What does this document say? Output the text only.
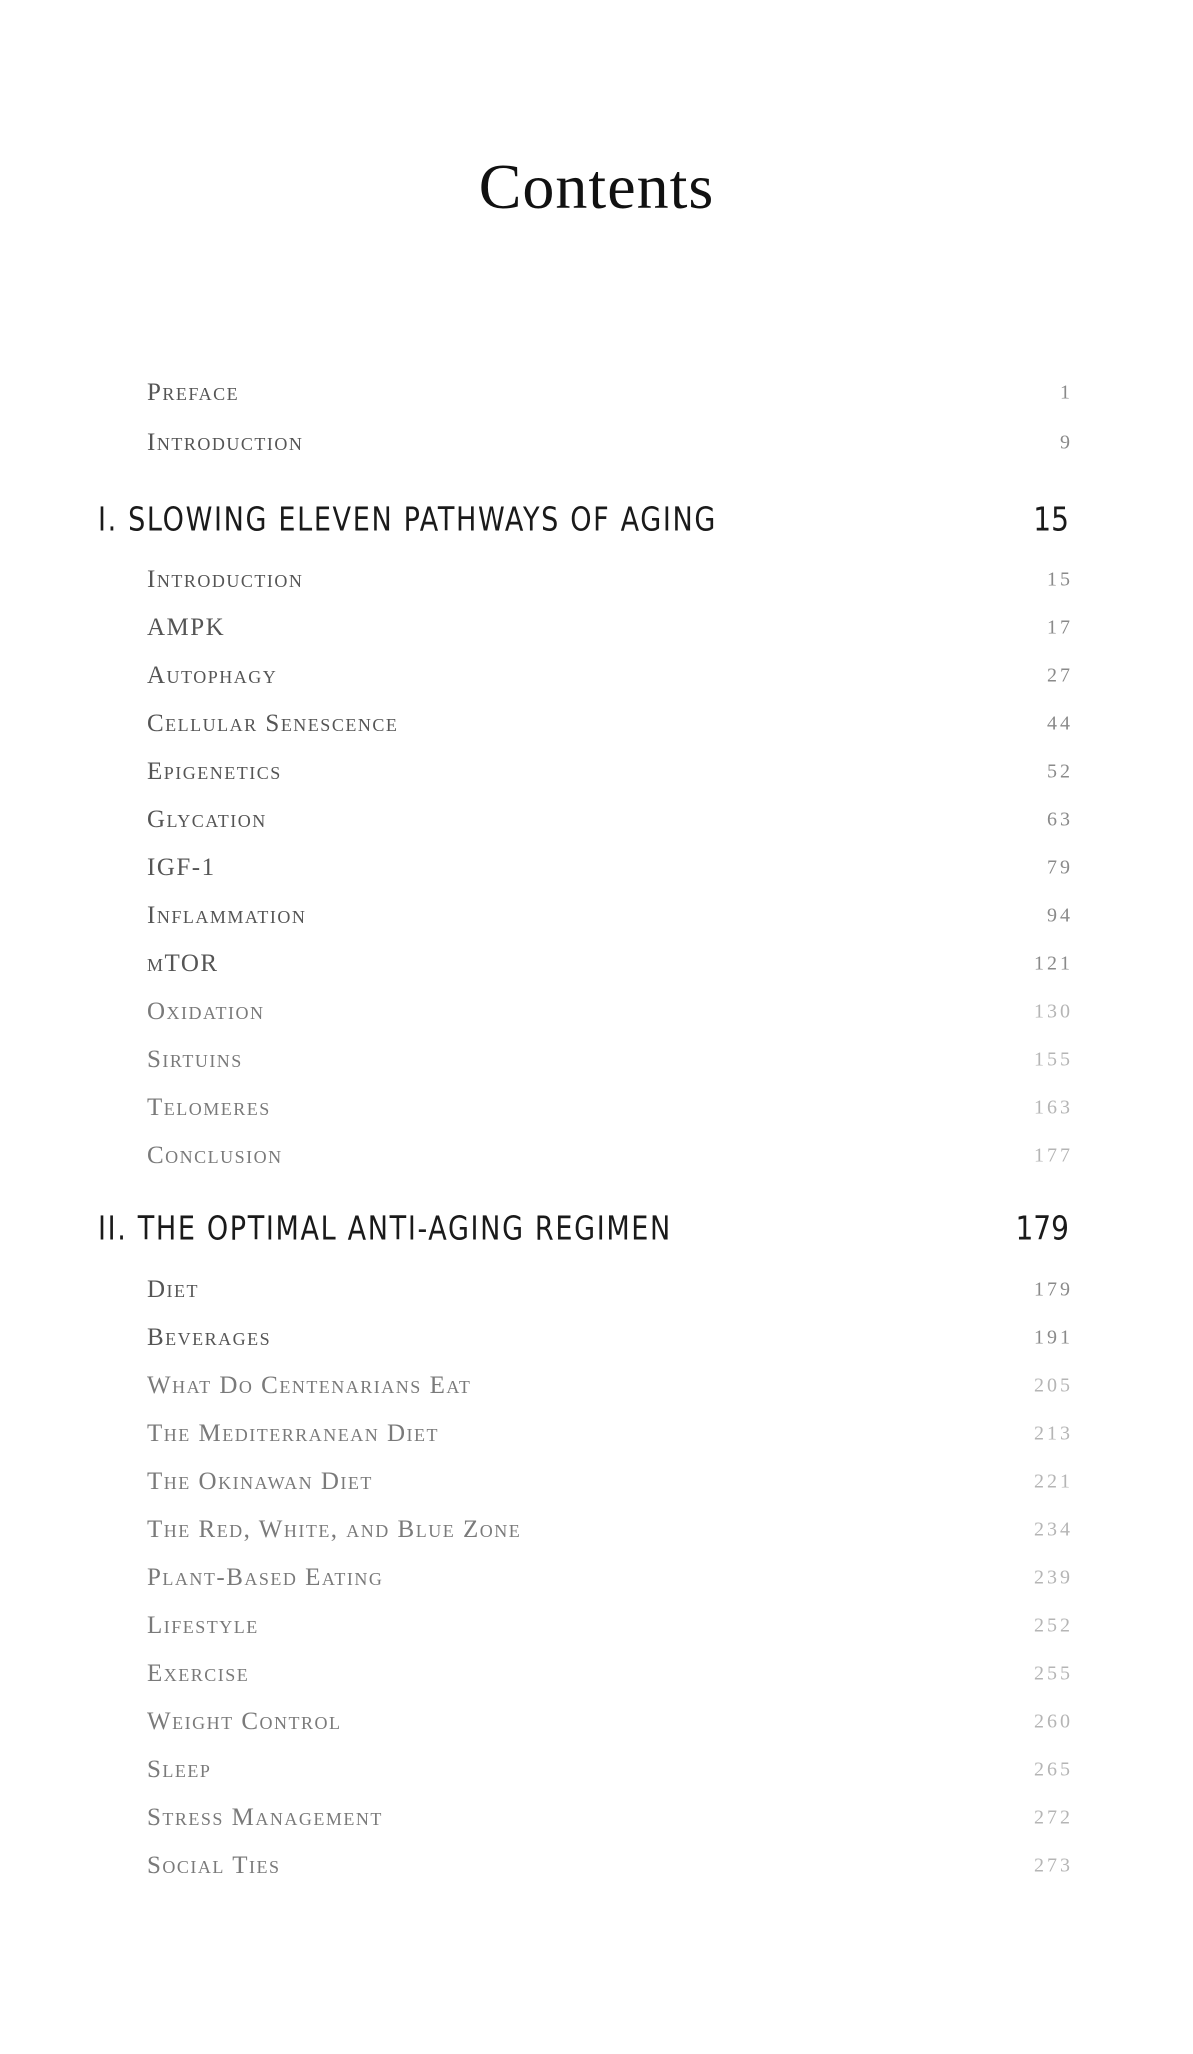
Contents
Preface	1
Introduction	9
I. SLOWING ELEVEN PATHWAYS OF AGING	15
Introduction	15
AMPK	17
Autophagy	27
Cellular Senescence	44
Epigenetics	52
Glycation	63
IGF-1	79
Inflammation	94
mTOR	121
Oxidation	130
Sirtuins	155
Telomeres	163
Conclusion	177
II. THE OPTIMAL ANTI-AGING REGIMEN	179
Diet	179
Beverages	191
What Do Centenarians Eat	205
The Mediterranean Diet	213
The Okinawan Diet	221
The Red, White, and Blue Zone	234
Plant-Based Eating	239
Lifestyle	252
Exercise	255
Weight Control	260
Sleep	265
Stress Management	272
Social Ties	273
